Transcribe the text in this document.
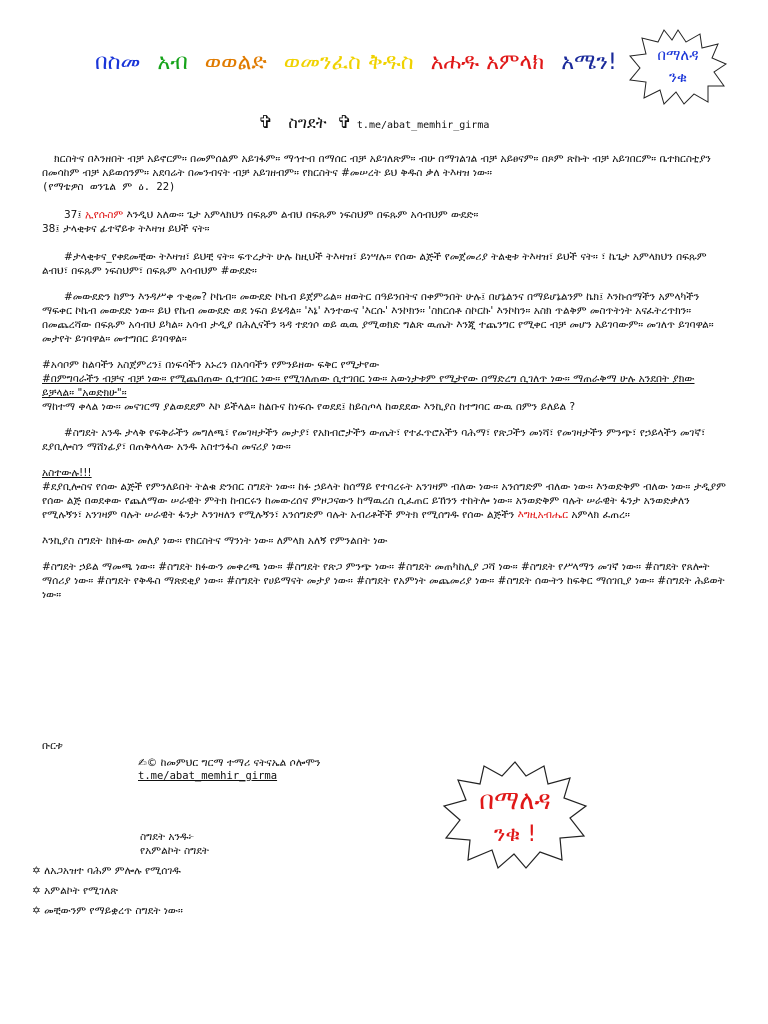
በስመ አብ ወወልድ ወመንፈስ ቅዱስ አሐዱ አምላክ አሜን!	በማለዳ
ንቁ
✞ ስግደት ✞ t.me/abat_memhir_girma

ክርስትና በእንዘበት ብቻ አይኖርም። በመምሰልም አይገፋም። ማኅተብ በማሰር ብቻ አይገለጽም። ብሁ በማገልገል ብቻ አይፀናም። በጾም ጽኩት ብቻ አይገበርም። ቤተክርስቲያን በመሳከም ብቻ አይወሰንም። አደባሬት በመንብናት ብቻ አይገዘብም። የክርስትና #መሠረት ይህ ቅዱስ ቃለ ትእዛዝ ነው።

(የማቴዎስ ወንጌል ም ዕ. 22)

37፤ ኢየሱስም እንዲህ አለው። ጌታ አምላክህን በፍጹም ልብህ በፍጹም ነፍስህም በፍጹም አሳብህም ውደድ።

38፤ ታላቂቱና ፊተኛይቱ ትእዛዝ ይህች ናት።

#ታላቂቱና_የቀደመቺው ትእዛዝ፣ ይህቺ ናት። ፍጥረታት ሁሉ ከዚህች ትእዛዝ፣ ይነሣሉ። የሰው ልጅች የመጀመሪያ ትልቂቱ ትእዛዝ፣ ይህች ናት። ፣ ኬጌታ አምላክህን በፍጹም ልብህ፣ በፍጹም ነፍስህም፣ በፍጹም አሳብህም #ውደድ።

#መውደድን ከምን እንዳሥቀ ጥቂመ? ኮኬብ። መውደድ ኮኬብ ይጀምሬል። ዘወትር በዓይንበትና በቀምንበት ሁሉ፤ በሆኔልንና በማይሆኔልንም ኬክ፤ እንኩሰማችን አምላካችን ማፍቀር ኮኬብ መውደድ ነው። ይህ የኬብ መውደድ ወደ ነፍስ ይሄዳል። 'እኔ' እንተውና 'እርሱ' እንኮክን። 'ስክርሰቶ ስኮርኩ' እንኮከን። አስክ ጥልቅም መስጥትነት አናፈትረጥክን። በመጨረሻው በፍጹም አሳብህ ይካል። አሳብ ታዲያ በሕሊናችን ጓዳ ተደጎሶ ወይ ዉዉ ያሚወክድ ግልጽ ዉጤት እንጂ ተጨንግር የሚቀር ብቻ መሆን አይገባውም። መገለጥ ይገባዋል። መታየት ይገባዋል። መተግበር ይገባዋል።

#አሳቦም ከልባችን አስጀምረን፤ በነፍሳችን አኑረን በአሳባችን የምንይዘው ፍቅር የሚታየው

#በምግባራችን ብቻና ብቻ ነው። የሚጨበጠው ሲተገበር ነው። የሚገለጠው ሲተገበር ነው። አውነታቱም የሚታየው በማድረግ ሲገለጥ ነው። ማጠራቅማ ሁሉ አንደበት ያክው ይቻላል። "አወድክሁ"።

ማከተማ ቀላል ነው። መናገርማ ያልወደደም እኮ ይችላል። ከልቡና ከነፍሱ የወደደ፤ ከይስጦላ ከወደደው እንኪያስ ከተግባር ውዉ በምን ይለይል ?

#ስግደት አንዱ ታላቅ የፍቅራችን መግለጫ፣ የመገዛታችን መታያ፣ የአክብሮታችን ውጤት፣ የተፈጥሮአችን ባሕማ፣ የጽጋችን መነሻ፣ የመገዛታችን ምንጭ፣ የኃይላችን መገኛ፣ ደያቢሎስን ማሸነፊያ፣ በጠቅላላው አንዱ አስተንፋስ መናሪያ ነው።

አስተውሉ!!!

#ደያቢሎስና የሰው ልጅች የምንለይበት ትልቁ ድንበር ስግደት ነው። ከፉ ኃይላት ከሰማይ የተባረሩት አንገዛም ብለው ነው። አንሰግድም ብለው ነው። እንወድቅም ብለው ነው። ታዲያም የሰው ልጅ በወደቀው የጨለማው ሠራዊት ምትክ ከብርሩን ከመውረሰና ምዞጋናውን ከማዉረስ ሲፈጠር ይኸንን ተከትሎ ነው። አንወድቅም ባሉት ሠራዊት ፋንታ አንወድቃለን የሚሉኝን፣ አንገዛም ባሉት ሠራዊት ፋንታ እንገዛለን የሚሉኝን፣ አንሰግድም ባሉት አብሪቶችች ምትክ የሚሰግዱ የሰው ልጅችን እግዚአብሔር አምላክ ፈጠረ።

እንኪያስ ስግደት ከክፉው መለያ ነው። የክርስትና ማንነት ነው። ለምላክ አለኝ የምንልበት ነው

#ስግደት ኃይል ማመጫ ነው። #ስግደት ክፉውን መቀረጫ ነው። #ስግደት የጽጋ ምንጭ ነው። #ስግደት መጠካከሊያ ጋሻ ነው። #ስግደት የሥላማን መገኛ ነው። #ስግደት የጸሎት ማሰሪያ ነው። #ስግደት የቅዱስ ማጽደቂያ ነው። #ስግደት የሀይማናት መታያ ነው። #ስግደት የአምነት መጨመሪያ ነው። #ስግደት ሰውትን ከፍቅር ማሰገቢያ ነው። #ስግደት ሕይወት ነው።

ቡርቱ
✍© ከመምህር ግርማ ተማሪ ናትናኤል ሶሎሞን
t.me/abat_memhir_girma
በማለዳ
ንቁ !
ስግደት አንዱ፦
የአምልኮት ስግደት
✡ ለአጋአዝተ ባሕም ምሎሉ የሚሰገዱ
✡ አምልኮት የሚገለጽ
✡ መቺውንም የማይቋረጥ ስግደት ነው።
